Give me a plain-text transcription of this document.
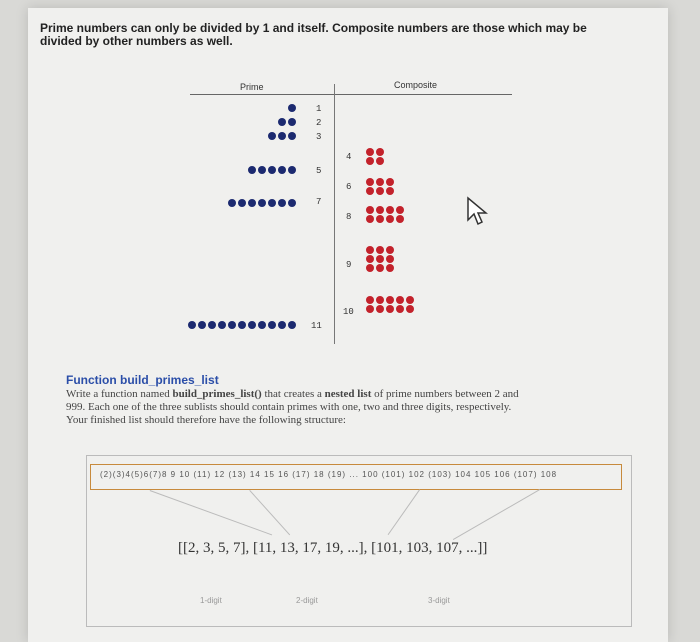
Prime numbers can only be divided by 1 and itself. Composite numbers are those which may be divided by other numbers as well.
Prime	Composite
1
2
3
5
7
11
4
6
8
9
10
Function build_primes_list
Write a function named build_primes_list() that creates a nested list of prime numbers between 2 and
999. Each one of the three sublists should contain primes with one, two and three digits, respectively.
Your finished list should therefore have the following structure:
(2)(3)4(5)6(7)8 9 10 (11) 12 (13) 14 15 16 (17) 18 (19) ... 100 (101) 102 (103) 104 105 106 (107) 108
[[2, 3, 5, 7], [11, 13, 17, 19, ...], [101, 103, 107, ...]]
1-digit	2-digit	3-digit
